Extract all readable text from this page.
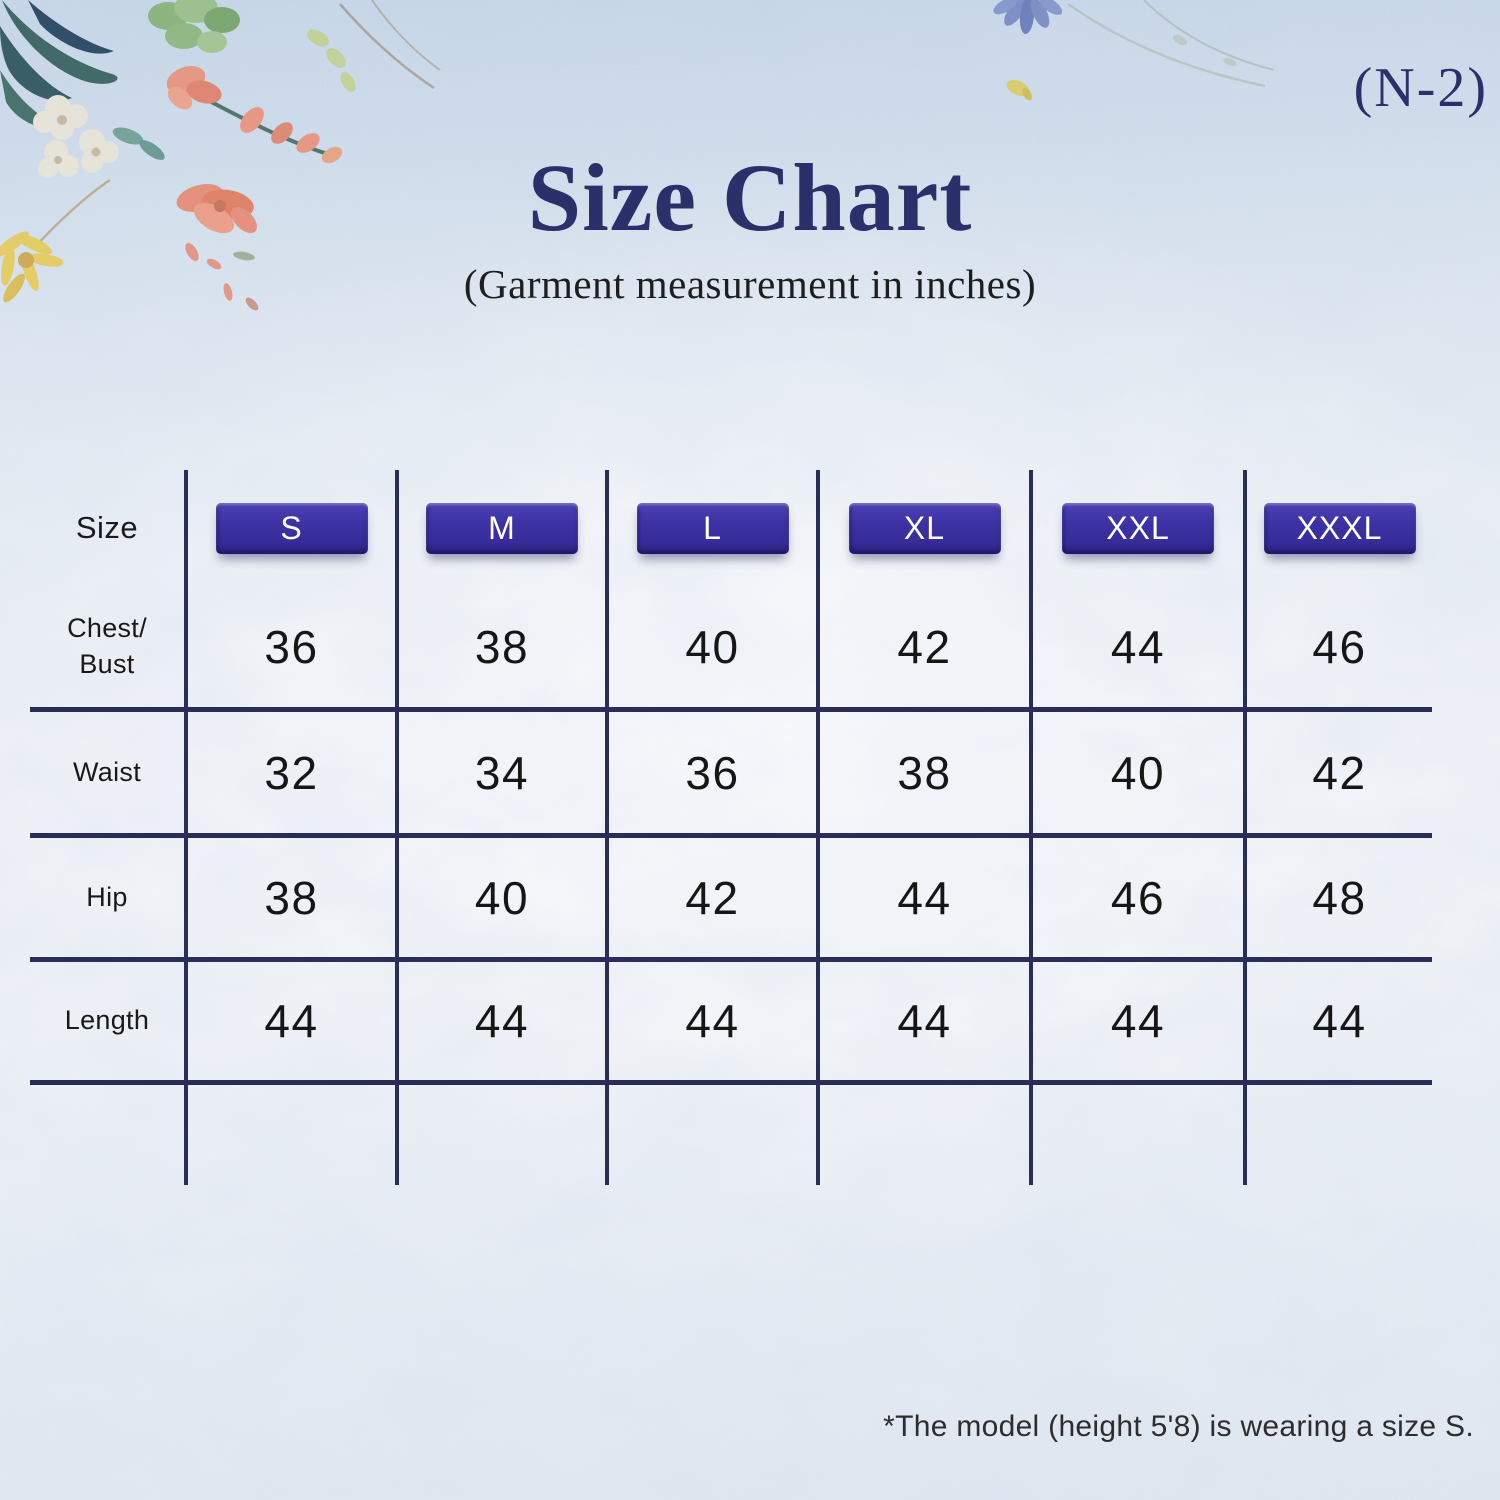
(N-2)
Size Chart
(Garment measurement in inches)
Size	S	M	L	XL	XXL	XXXL
Chest/
Bust	36	38	40	42	44	46
Waist	32	34	36	38	40	42
Hip	38	40	42	44	46	48
Length	44	44	44	44	44	44
*The model (height 5'8) is wearing a size S.
